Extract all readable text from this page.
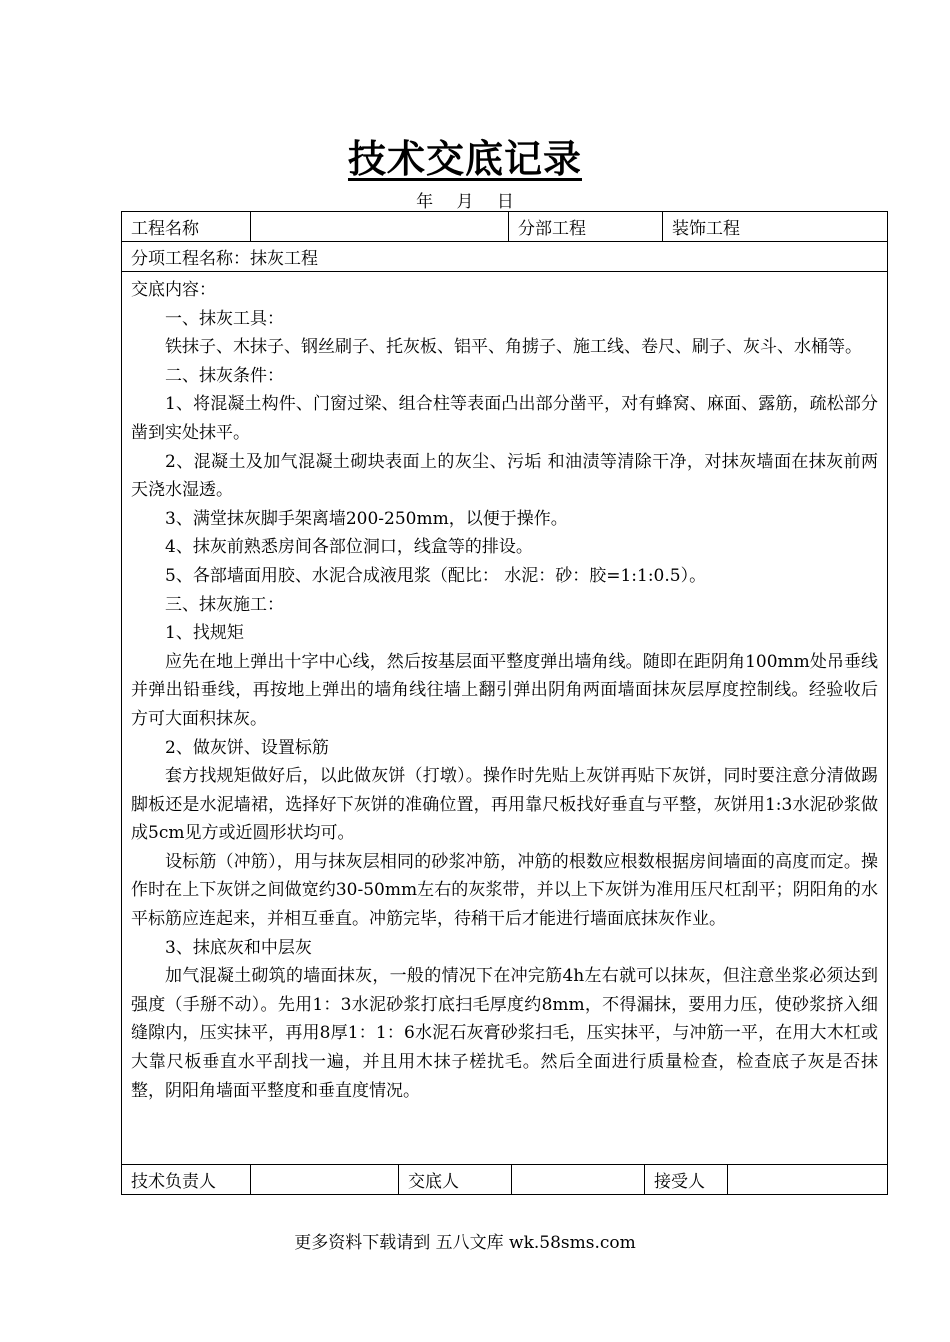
技术交底记录
年 月 日
工程名称	分部工程	装饰工程
分项工程名称：抹灰工程

交底内容：

一、抹灰工具：

铁抹子、木抹子、钢丝刷子、托灰板、铝平、角掳子、施工线、卷尺、刷子、灰斗、水桶等。

二、抹灰条件：

1、将混凝土构件、门窗过梁、组合柱等表面凸出部分凿平，对有蜂窝、麻面、露筋，疏松部分凿到实处抹平。

2、混凝土及加气混凝土砌块表面上的灰尘、污垢 和油渍等清除干净，对抹灰墙面在抹灰前两天浇水湿透。

3、满堂抹灰脚手架离墙200-250mm，以便于操作。

4、抹灰前熟悉房间各部位洞口，线盒等的排设。

5、各部墙面用胶、水泥合成液甩浆（配比： 水泥：砂：胶=1:1:0.5）。

三、抹灰施工：

1、找规矩

应先在地上弹出十字中心线，然后按基层面平整度弹出墙角线。随即在距阴角100mm处吊垂线并弹出铅垂线，再按地上弹出的墙角线往墙上翻引弹出阴角两面墙面抹灰层厚度控制线。经验收后方可大面积抹灰。

2、做灰饼、设置标筋

套方找规矩做好后，以此做灰饼（打墩）。操作时先贴上灰饼再贴下灰饼，同时要注意分清做踢脚板还是水泥墙裙，选择好下灰饼的准确位置，再用靠尺板找好垂直与平整，灰饼用1:3水泥砂浆做成5cm见方或近圆形状均可。

设标筋（冲筋），用与抹灰层相同的砂浆冲筋，冲筋的根数应根数根据房间墙面的高度而定。操作时在上下灰饼之间做宽约30-50mm左右的灰浆带，并以上下灰饼为准用压尺杠刮平；阴阳角的水平标筋应连起来，并相互垂直。冲筋完毕，待稍干后才能进行墙面底抹灰作业。

3、抹底灰和中层灰

加气混凝土砌筑的墙面抹灰，一般的情况下在冲完筋4h左右就可以抹灰，但注意坐浆必须达到强度（手掰不动）。先用1：3水泥砂浆打底扫毛厚度约8mm，不得漏抹，要用力压，使砂浆挤入细缝隙内，压实抹平，再用8厚1：1：6水泥石灰膏砂浆扫毛，压实抹平，与冲筋一平，在用大木杠或大靠尺板垂直水平刮找一遍，并且用木抹子槎扰毛。然后全面进行质量检查，检查底子灰是否抹整，阴阳角墙面平整度和垂直度情况。

技术负责人	交底人	接受人
更多资料下载请到 五八文库 wk.58sms.com
